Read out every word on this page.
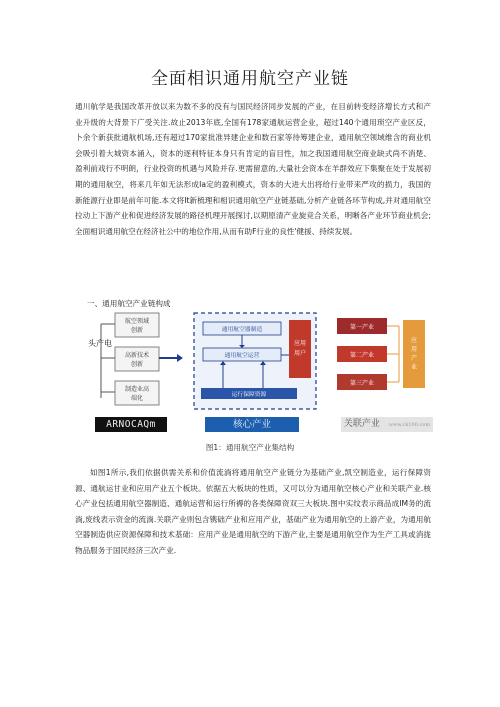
全面相识通用航空产业链
通川航学是我国改革开放以来为数不多的没有与国民经济同步发展的产业，在目前转变经济增长方式和产业升级的大背景下广受关注.故止2013年底,全国有178家通航运营企业，超过140个通用琐空产业区反，卜余个新获批通航机场,还有超过170家批准异建企业和数百家等待筹建企业，通用航空领域维含的商业机会吸引着大城资本涌入，资本的逐利特征本身只有肯定的盲目性，加之我国通用航空商业缺式尚不消楚、盈利前戏行不明朗，行业投资的机遇与风险并存.更需留意的,大量社会资本在羊群效应下集聚在处于发展初期的通用航空，将来几年如无法形成Ia定的盈利模式，资本的大进大出将给行业带来严攻的损力，我国的新能源行业即是前年可能.本文将It新梳理和相识通用航空产业链基础,分析产业链各环节构成,并对通用航空拉动上下游产业和促进经济发展的路径机理开展探讨,以期原清产业旋竞合关系，明晰各产业环节商业机会;全面相识通用航空在经济社公中的地位作用,从而有助F行业的良性'健援、持续发展。
一、通用航空产业链构成
头产电
航空领域创新
高新技术创新
制造业高端化
通用航空器制造
通用航空运营
应用用户
运行保障资源
第一产业
第二产业
第三产业
应用产业
ARNOCAQm	核心产业	关联产业 www.ck100.com
图1：通用航空产业集结构
如图1所示,我们依据供需关系和价值流淌将通用航空产业链分为基础产业,凯空制造业，运行保障资源、通航运甘业和应用产业五个板块。依据五大板块的性质，又可以分为通用航空核心产业和关联产业.核心产业包括通用航空器制造、通航运营和运行所褥的各类保障资双三大板块.图中实纹表示商品成IM务的流淌,废线表示资金的流淌.关联产业则包含镌础产业和应用产业，基础产业为通用航空的上游产业，为通用航空器制造供应资源保障和技术基础：应用产业是通用航空的下游产业,主要是通用航空作为生产工具或消拢物品服务于国民经济三次产业.
